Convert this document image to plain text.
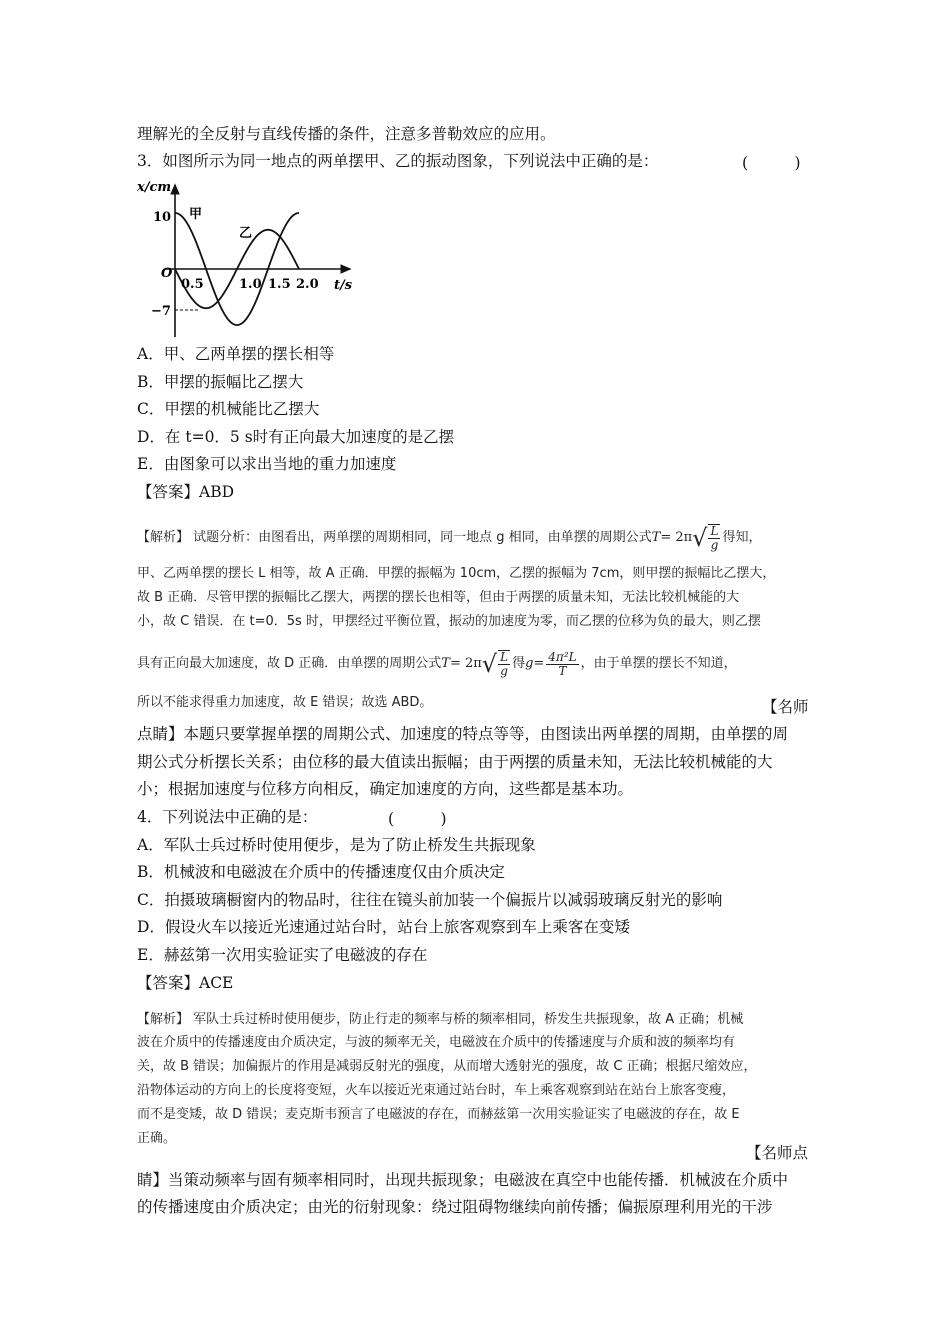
理解光的全反射与直线传播的条件，注意多普勒效应的应用。
3．如图所示为同一地点的两单摆甲、乙的振动图象，下列说法中正确的是：	(　　　)
x/cm
t/s
O
10
−7
0.5	1.0 1.5 2.0
甲
乙
A．甲、乙两单摆的摆长相等
B．甲摆的振幅比乙摆大
C．甲摆的机械能比乙摆大
D．在 t=0．5 s时有正向最大加速度的是乙摆
E．由图象可以求出当地的重力加速度
【答案】ABD
【解析】 试题分析：由图看出，两单摆的周期相同，同一地点 g 相同，由单摆的周期公式 T = 2π √ $\frac{L}{g}$ 得知，
甲、乙两单摆的摆长 L 相等，故 A 正确．甲摆的振幅为 10cm，乙摆的振幅为 7cm，则甲摆的振幅比乙摆大，
故 B 正确．尽管甲摆的振幅比乙摆大，两摆的摆长也相等，但由于两摆的质量未知，无法比较机械能的大
小，故 C 错误．在 t=0．5s 时，甲摆经过平衡位置，振动的加速度为零，而乙摆的位移为负的最大，则乙摆
具有正向最大加速度，故 D 正确．由单摆的周期公式 T = 2π √ $\frac{L}{g}$ 得 $g= \frac{\text{4π²L}}{T}$ ，由于单摆的摆长不知道，
所以不能求得重力加速度，故 E 错误；故选 ABD。	【名师
点睛】本题只要掌握单摆的周期公式、加速度的特点等等，由图读出两单摆的周期，由单摆的周
期公式分析摆长关系；由位移的最大值读出振幅；由于两摆的质量未知，无法比较机械能的大
小；根据加速度与位移方向相反，确定加速度的方向，这些都是基本功。
4．下列说法中正确的是：	(　　　)
A．军队士兵过桥时使用便步，是为了防止桥发生共振现象
B．机械波和电磁波在介质中的传播速度仅由介质决定
C．拍摄玻璃橱窗内的物品时，往往在镜头前加装一个偏振片以减弱玻璃反射光的影响
D．假设火车以接近光速通过站台时，站台上旅客观察到车上乘客在变矮
E．赫兹第一次用实验证实了电磁波的存在
【答案】ACE
【解析】 军队士兵过桥时使用便步，防止行走的频率与桥的频率相同，桥发生共振现象，故 A 正确；机械
波在介质中的传播速度由介质决定，与波的频率无关，电磁波在介质中的传播速度与介质和波的频率均有
关，故 B 错误；加偏振片的作用是减弱反射光的强度，从而增大透射光的强度，故 C 正确；根据尺缩效应，
沿物体运动的方向上的长度将变短，火车以接近光束通过站台时，车上乘客观察到站在站台上旅客变瘦，
而不是变矮，故 D 错误；麦克斯韦预言了电磁波的存在，而赫兹第一次用实验证实了电磁波的存在，故 E
正确。
【名师点
睛】当策动频率与固有频率相同时，出现共振现象；电磁波在真空中也能传播．机械波在介质中
的传播速度由介质决定；由光的衍射现象：绕过阻碍物继续向前传播；偏振原理利用光的干涉
